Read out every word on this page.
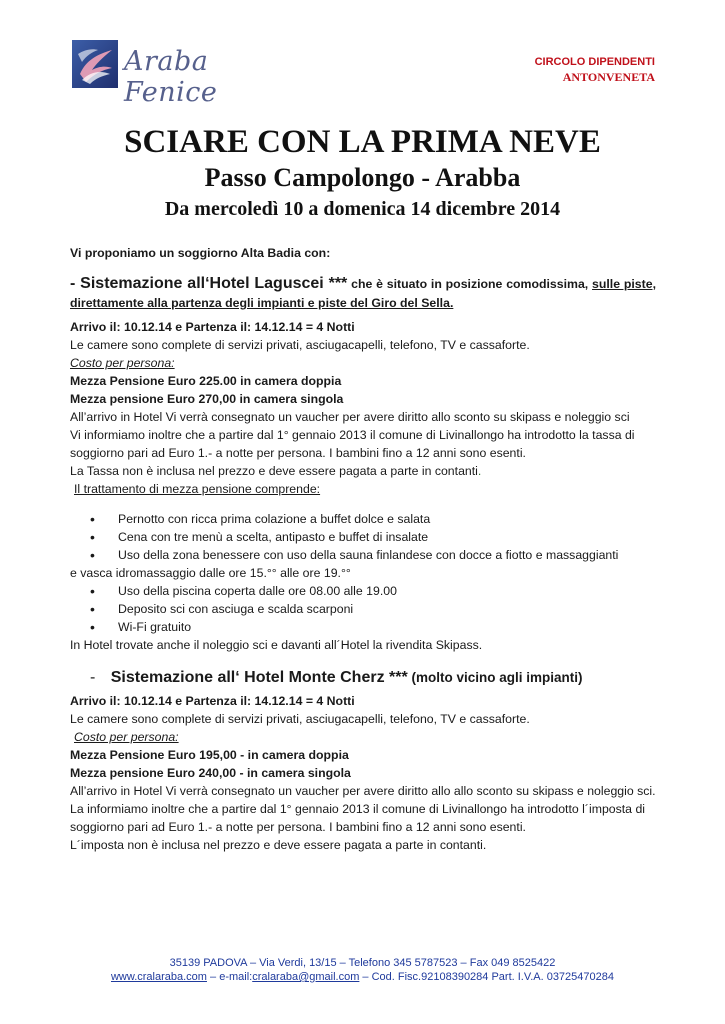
Araba Fenice
CIRCOLO DIPENDENTI
ANTONVENETA
SCIARE CON LA PRIMA NEVE
Passo Campolongo - Arabba
Da mercoledì 10 a domenica 14 dicembre 2014

Vi proponiamo un soggiorno Alta Badia con:

- Sistemazione all‘Hotel Laguscei *** che è situato in posizione comodissima, sulle piste, direttamente alla partenza degli impianti e piste del Giro del Sella.

Arrivo il: 10.12.14 e Partenza il: 14.12.14 = 4 Notti

Le camere sono complete di servizi privati, asciugacapelli, telefono, TV e cassaforte.

Costo per persona:

Mezza Pensione Euro 225.00 in camera doppia

Mezza pensione Euro 270,00 in camera singola

All’arrivo in Hotel Vi verrà consegnato un vaucher per avere diritto allo sconto su skipass e noleggio sci

Vi informiamo inoltre che a partire dal 1° gennaio 2013 il comune di Livinallongo ha introdotto la tassa di soggiorno pari ad Euro 1.- a notte per persona. I bambini fino a 12 anni sono esenti.

La Tassa non è inclusa nel prezzo e deve essere pagata a parte in contanti.

Il trattamento di mezza pensione comprende:

• Pernotto con ricca prima colazione a buffet dolce e salata
• Cena con tre menù a scelta, antipasto e buffet di insalate
• Uso della zona benessere con uso della sauna finlandese con docce a fiotto e massaggianti
e vasca idromassaggio dalle ore 15.°° alle ore 19.°°
• Uso della piscina coperta dalle ore 08.00 alle 19.00
• Deposito sci con asciuga e scalda scarponi
• Wi-Fi gratuito

In Hotel trovate anche il noleggio sci e davanti all´Hotel la rivendita Skipass.

- Sistemazione all‘ Hotel Monte Cherz *** (molto vicino agli impianti)

Arrivo il: 10.12.14 e Partenza il: 14.12.14 = 4 Notti

Le camere sono complete di servizi privati, asciugacapelli, telefono, TV e cassaforte.

Costo per persona:

Mezza Pensione Euro 195,00 - in camera doppia

Mezza pensione Euro 240,00 - in camera singola

All’arrivo in Hotel Vi verrà consegnato un vaucher per avere diritto allo allo sconto su skipass e noleggio sci.

La informiamo inoltre che a partire dal 1° gennaio 2013 il comune di Livinallongo ha introdotto l´imposta di soggiorno pari ad Euro 1.- a notte per persona. I bambini fino a 12 anni sono esenti.

L´imposta non è inclusa nel prezzo e deve essere pagata a parte in contanti.

35139 PADOVA – Via Verdi, 13/15 – Telefono 345 5787523 – Fax 049 8525422
www.cralaraba.com – e-mail:cralaraba@gmail.com – Cod. Fisc.92108390284 Part. I.V.A. 03725470284
